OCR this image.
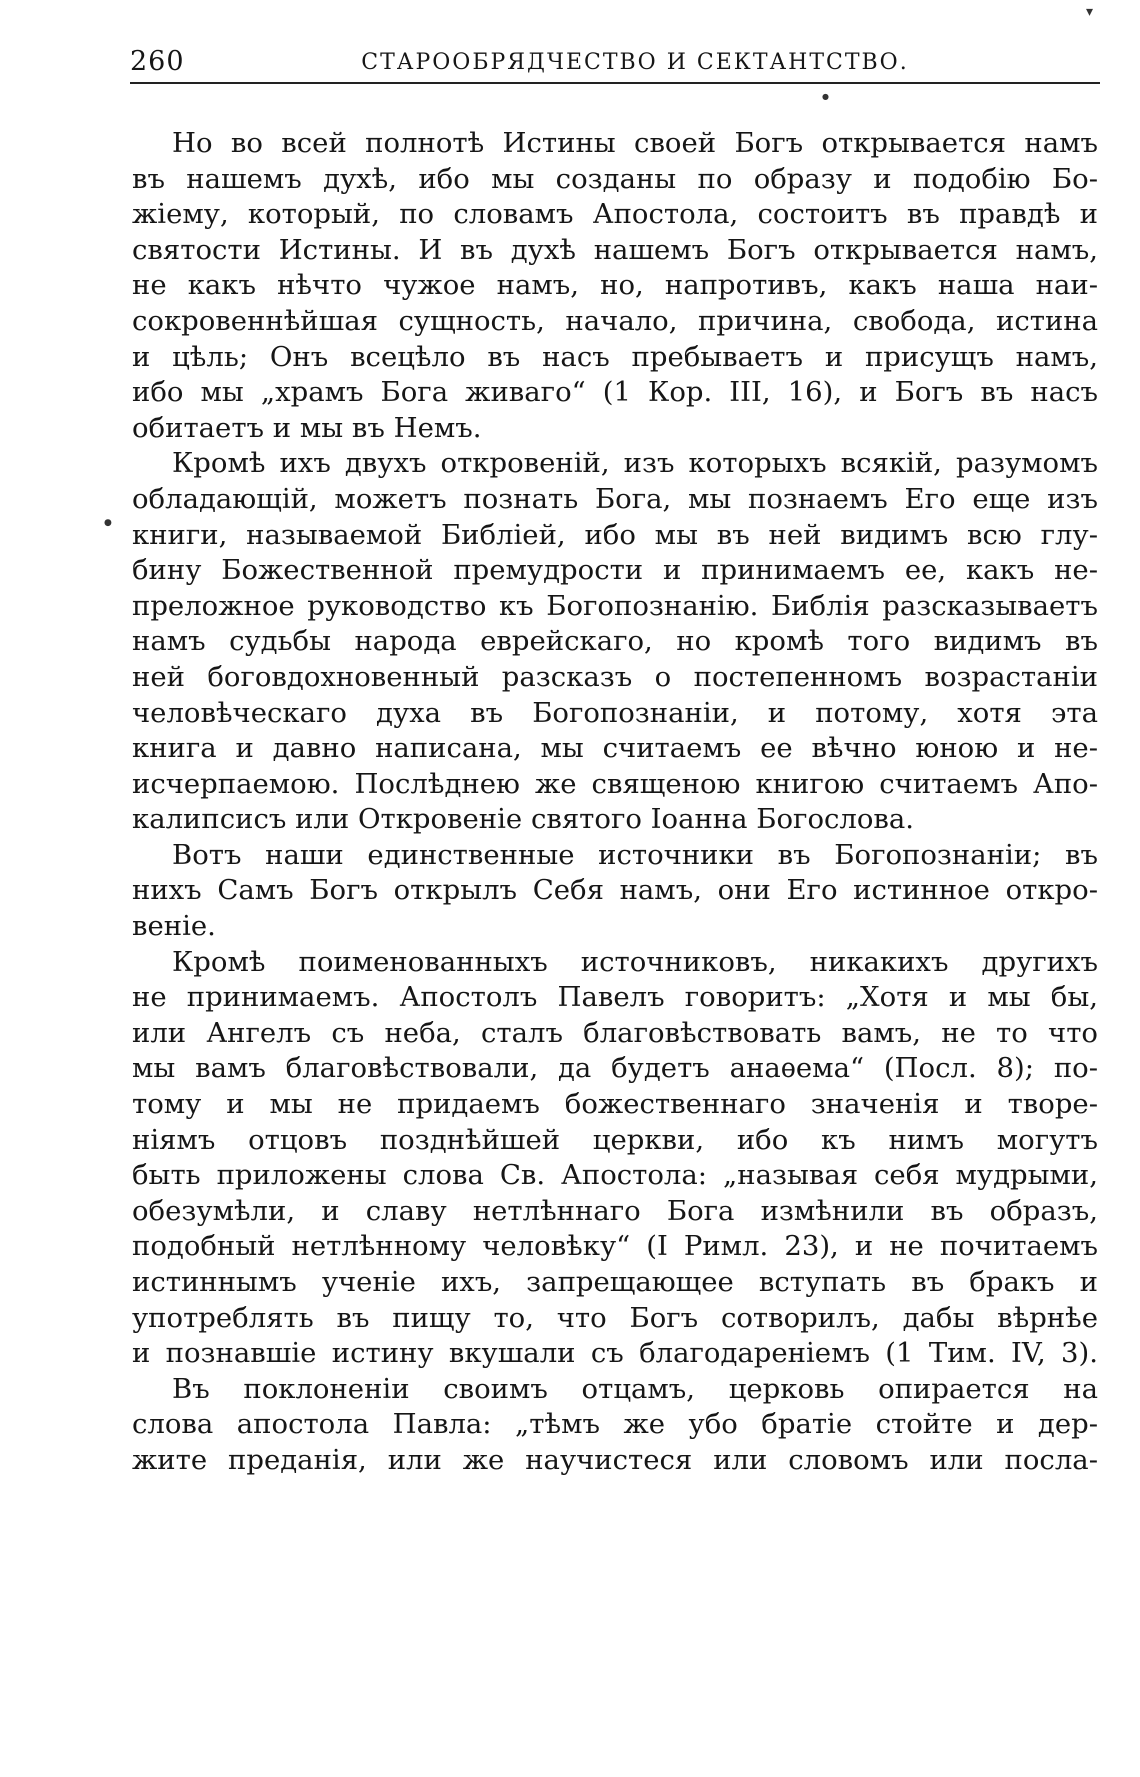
▾
●
●
260	СТАРООБРЯДЧЕСТВО И СЕКТАНТСТВО.
Но во всей полнотѣ Истины своей Богъ открывается намъ
въ нашемъ духѣ, ибо мы созданы по образу и подобію Бо-
жіему, который, по словамъ Апостола, состоитъ въ правдѣ и
святости Истины. И въ духѣ нашемъ Богъ открывается намъ,
не какъ нѣчто чужое намъ, но, напротивъ, какъ наша наи-
сокровеннѣйшая сущность, начало, причина, свобода, истина
и цѣль; Онъ всецѣло въ насъ пребываетъ и присущъ намъ,
ибо мы „храмъ Бога живаго“ (1 Кор. III, 16), и Богъ въ насъ
обитаетъ и мы въ Немъ.
Кромѣ ихъ двухъ откровеній, изъ которыхъ всякій, разумомъ
обладающій, можетъ познать Бога, мы познаемъ Его еще изъ
книги, называемой Библіей, ибо мы въ ней видимъ всю глу-
бину Божественной премудрости и принимаемъ ее, какъ не-
преложное руководство къ Богопознанію. Библія разсказываетъ
намъ судьбы народа еврейскаго, но кромѣ того видимъ въ
ней боговдохновенный разсказъ о постепенномъ возрастаніи
человѣческаго духа въ Богопознаніи, и потому, хотя эта
книга и давно написана, мы считаемъ ее вѣчно юною и не-
исчерпаемою. Послѣднею же священою книгою считаемъ Апо-
калипсисъ или Откровеніе святого Іоанна Богослова.
Вотъ наши единственные источники въ Богопознаніи; въ
нихъ Самъ Богъ открылъ Себя намъ, они Его истинное откро-
веніе.
Кромѣ поименованныхъ источниковъ, никакихъ другихъ
не принимаемъ. Апостолъ Павелъ говоритъ: „Хотя и мы бы,
или Ангелъ съ неба, сталъ благовѣствовать вамъ, не то что
мы вамъ благовѣствовали, да будетъ анаѳема“ (Посл. 8); по-
тому и мы не придаемъ божественнаго значенія и творе-
ніямъ отцовъ позднѣйшей церкви, ибо къ нимъ могутъ
быть приложены слова Св. Апостола: „называя себя мудрыми,
обезумѣли, и славу нетлѣннаго Бога измѣнили въ образъ,
подобный нетлѣнному человѣку“ (I Римл. 23), и не почитаемъ
истиннымъ ученіе ихъ, запрещающее вступать въ бракъ и
употреблять въ пищу то, что Богъ сотворилъ, дабы вѣрнѣе
и познавшіе истину вкушали съ благодареніемъ (1 Тим. IV, 3).
Въ поклоненіи своимъ отцамъ, церковь опирается на
слова апостола Павла: „тѣмъ же убо братіе стойте и дер-
жите преданія, или же научистеся или словомъ или посла-
